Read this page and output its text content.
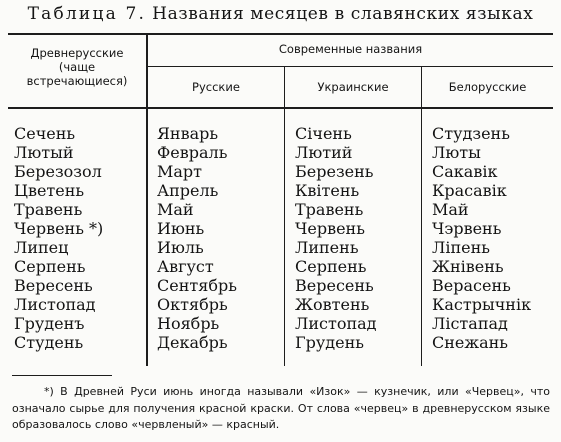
Таблица 7. Названия месяцев в славянских языках
Древнерусские (чаще встречающиеся)
Современные названия
Русские	Украинские	Белорусские
Сечень
Лютый
Березозол
Цветень
Травень
Червень *)
Липец
Серпень
Вересень
Листопад
Груденъ
Студень
Январь
Февраль
Март
Апрель
Май
Июнь
Июль
Август
Сентябрь
Октябрь
Ноябрь
Декабрь
Січень
Лютий
Березень
Квітень
Травень
Червень
Липень
Серпень
Вересень
Жовтень
Листопад
Грудень
Студзень
Люты
Сакавік
Красавік
Май
Чэрвень
Ліпень
Жнівень
Верасень
Кастрычнік
Лістапад
Снежань
*) В Древней Руси июнь иногда называли «Изок» — кузнечик, или «Червец», что означало сырье для получения красной краски. От слова «червец» в древнерусском языке образовалось слово «червленый» — красный.
